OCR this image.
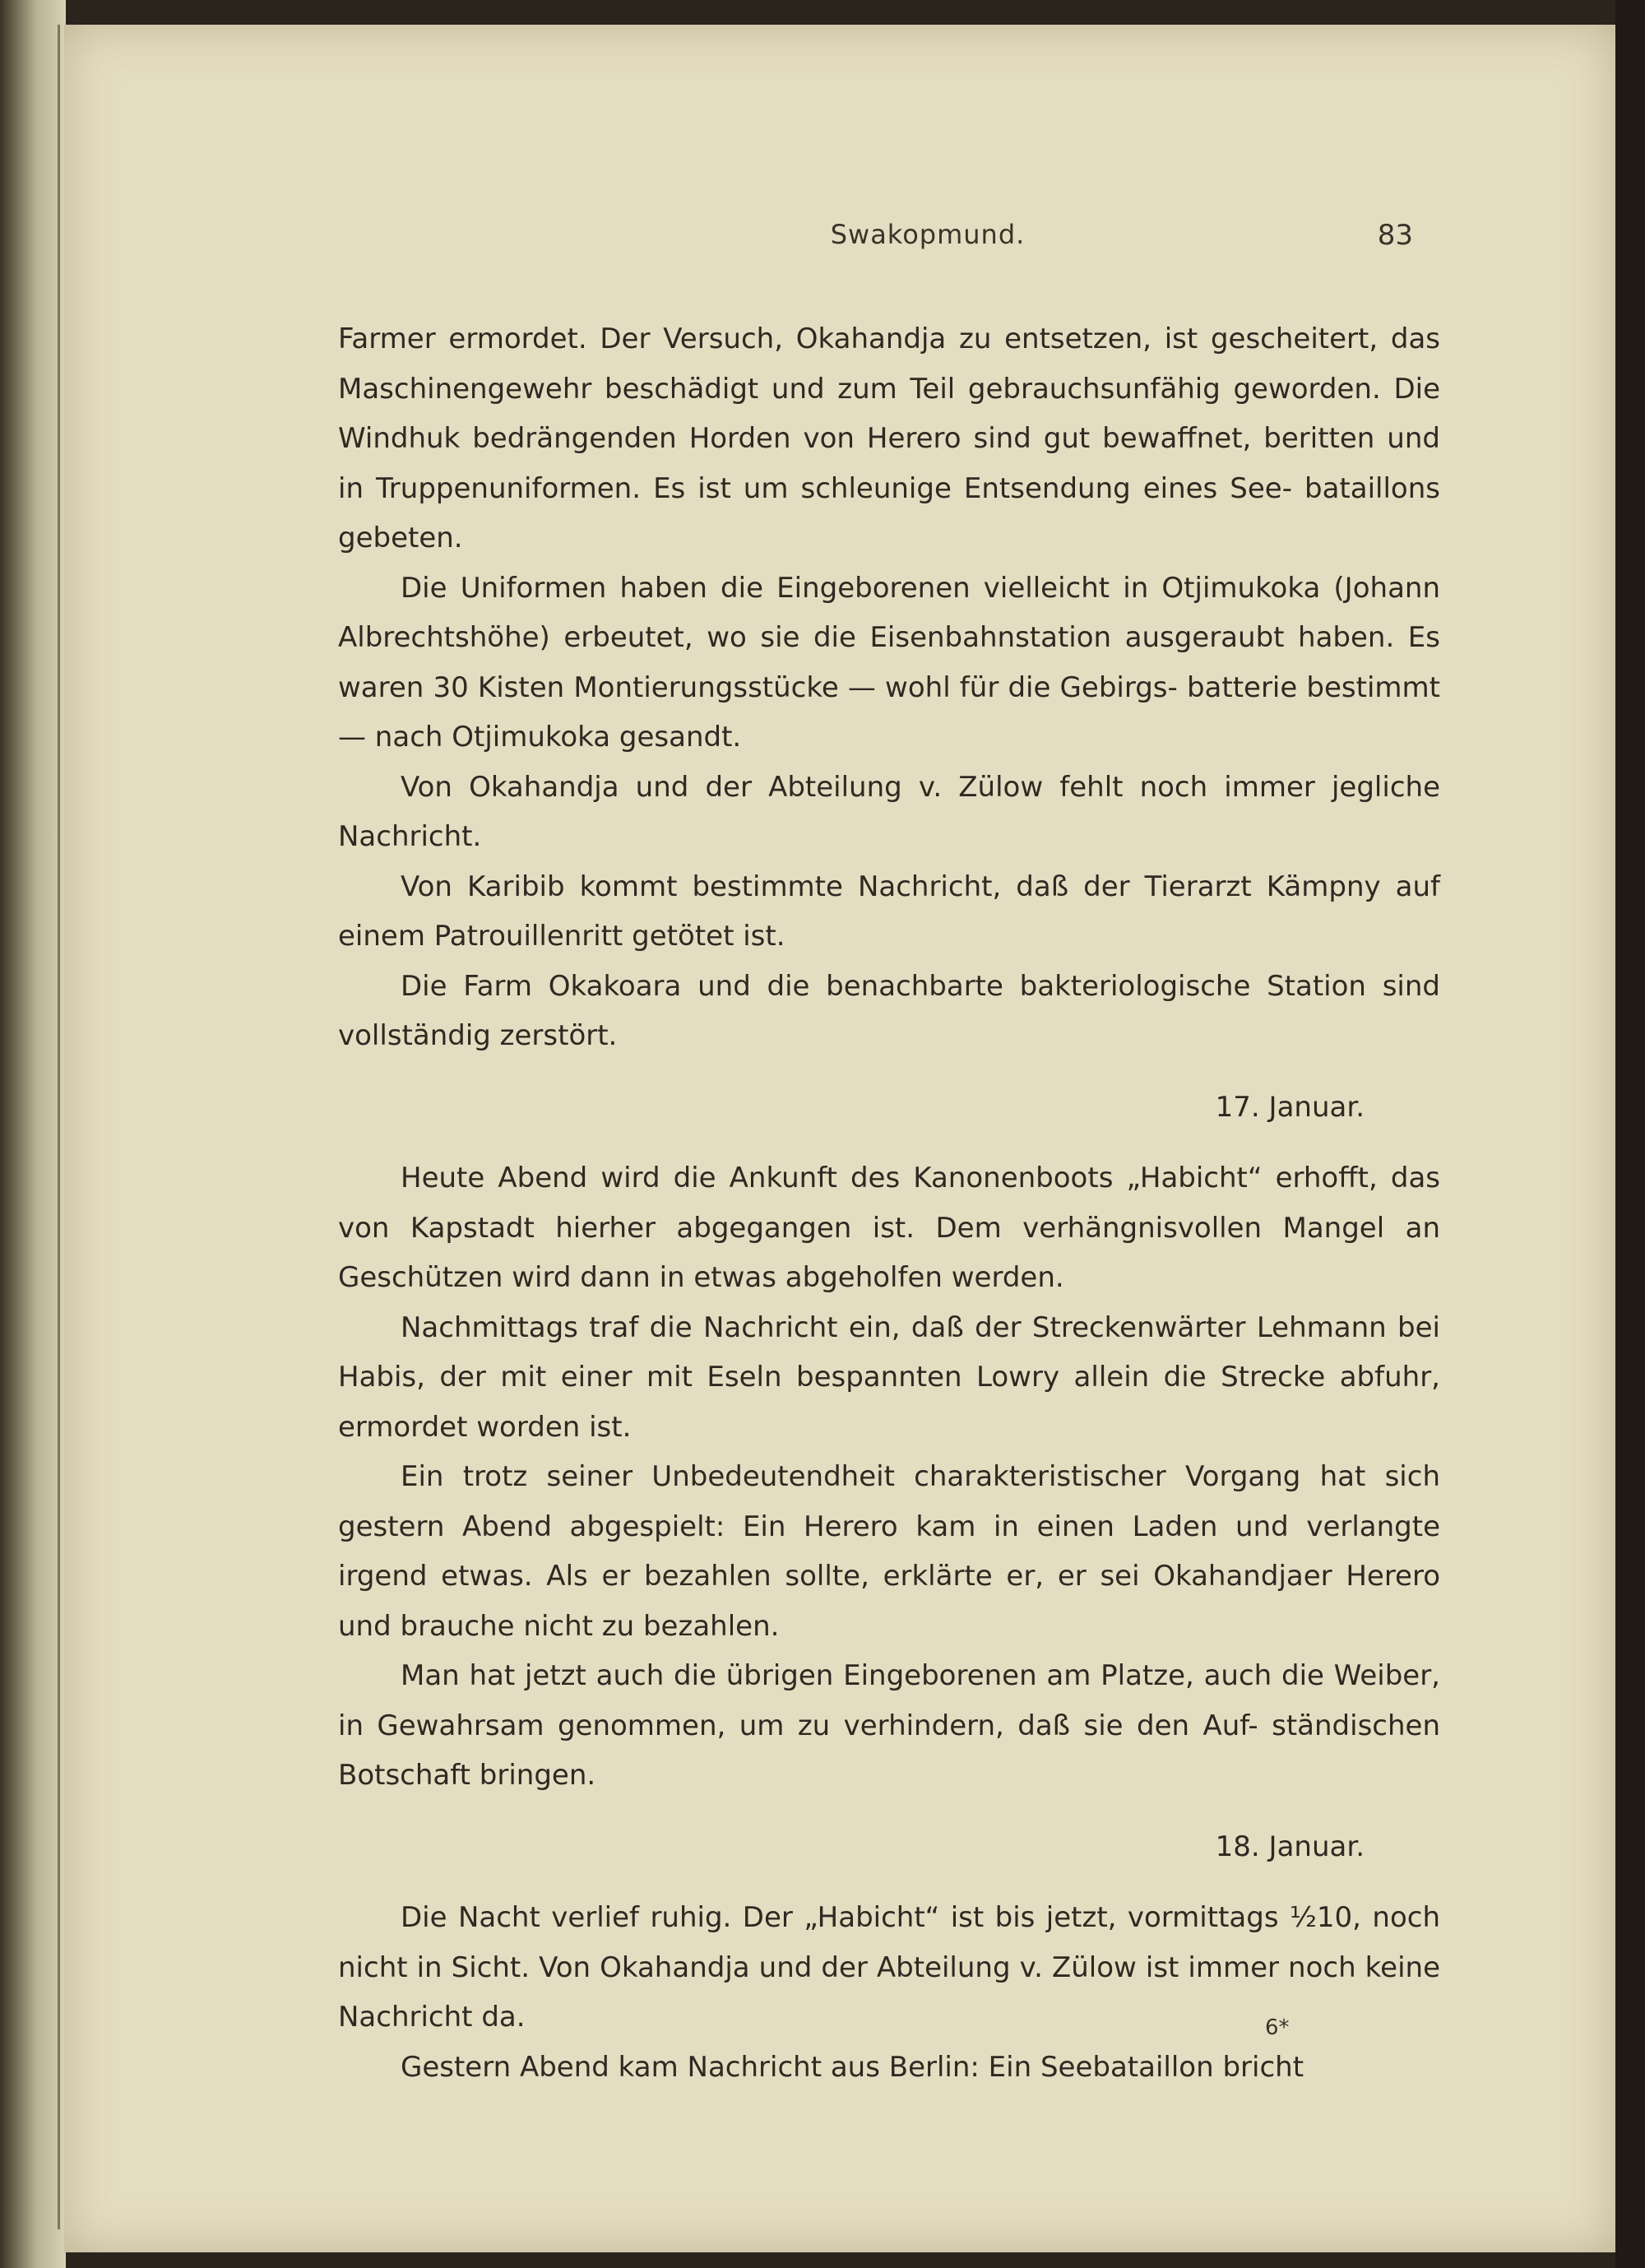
Swakopmund.	83

Farmer ermordet. Der Versuch, Okahandja zu entsetzen, ist gescheitert, das Maschinengewehr beschädigt und zum Teil gebrauchsunfähig geworden. Die Windhuk bedrängenden Horden von Herero sind gut bewaffnet, beritten und in Truppenuniformen. Es ist um schleunige Entsendung eines See- bataillons gebeten.

Die Uniformen haben die Eingeborenen vielleicht in Otjimukoka (Johann Albrechtshöhe) erbeutet, wo sie die Eisenbahnstation ausgeraubt haben. Es waren 30 Kisten Montierungsstücke — wohl für die Gebirgs- batterie bestimmt — nach Otjimukoka gesandt.

Von Okahandja und der Abteilung v. Zülow fehlt noch immer jegliche Nachricht.

Von Karibib kommt bestimmte Nachricht, daß der Tierarzt Kämpny auf einem Patrouillenritt getötet ist.

Die Farm Okakoara und die benachbarte bakteriologische Station sind vollständig zerstört.

17. Januar.

Heute Abend wird die Ankunft des Kanonenboots „Habicht“ erhofft, das von Kapstadt hierher abgegangen ist. Dem verhängnisvollen Mangel an Geschützen wird dann in etwas abgeholfen werden.

Nachmittags traf die Nachricht ein, daß der Streckenwärter Lehmann bei Habis, der mit einer mit Eseln bespannten Lowry allein die Strecke abfuhr, ermordet worden ist.

Ein trotz seiner Unbedeutendheit charakteristischer Vorgang hat sich gestern Abend abgespielt: Ein Herero kam in einen Laden und verlangte irgend etwas. Als er bezahlen sollte, erklärte er, er sei Okahandjaer Herero und brauche nicht zu bezahlen.

Man hat jetzt auch die übrigen Eingeborenen am Platze, auch die Weiber, in Gewahrsam genommen, um zu verhindern, daß sie den Auf- ständischen Botschaft bringen.

18. Januar.

Die Nacht verlief ruhig. Der „Habicht“ ist bis jetzt, vormittags ½10, noch nicht in Sicht. Von Okahandja und der Abteilung v. Zülow ist immer noch keine Nachricht da.

Gestern Abend kam Nachricht aus Berlin: Ein Seebataillon bricht

6*
